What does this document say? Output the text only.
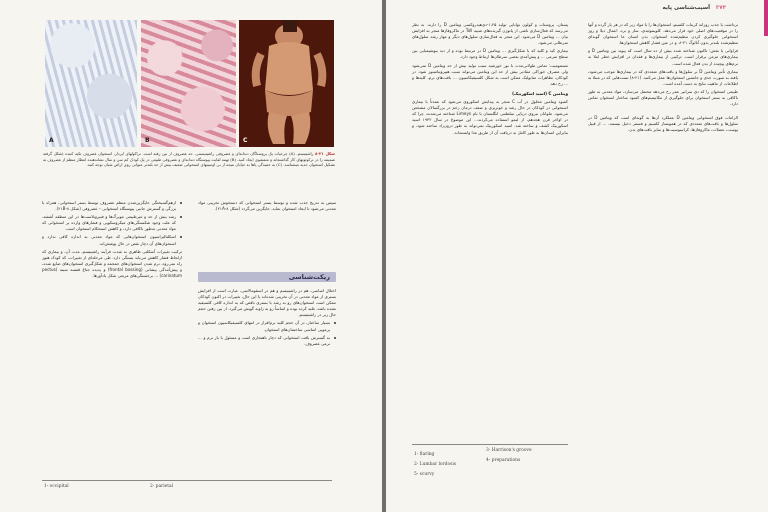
A	B	C
شکل ۲۱-۸ راشیتیسم. (A) چرخیات یک پروستاگان دندانه‌ای و غضروفی راشیتیسمی. حد غضروف از بین رفته است. تراکولهای ایردار، استخوان غضروف تکیه کننده (شکل گرفته ضمیمه را در ترکوئوتهای کار گذاشته‌اند و متمشوی ایجاد کنید. (B) تهمه لفایت پیوستگاه دندانه‌ای و غضروفی طبیعی در یک کودک کم سن و سال نشاندهنده انتظار منظم از غضروف به تشکیل استخوان جدید میشناسد. (C) به خمیدگی پاها به خیابان نتیجه از بی اوسیتهای استخوانی ضعیف بیش از حد بلندتر عنوانی روی اراض شبان توجه کنید.

سپس به تدریج جذب شده و توسط بستر استخوانی که دستخوش تخریبی مواد معدنی می‌شود تا ایجاد استخوان نماید، جایگزین می‌گردد (شکل ۸-۲۱A).

ریکت‌شناسی

اختلال اساسی، هم در راشیتیسم و هم در استئومالاسی، عبارت است از افزایش بستری از مواد معدنی در آن تخریبی شده‌اند یا این حال، تغییرات در اکنون کودکان ممکن است استخوان‌های رو به رشد با بستری ناقص که به اندازه کافی کلسیفیه نشده باشد، غلبه کرده بوده و اساساً رو به زاویه گویش می‌گیرد. از بین رفتن حجم حال زیر در راشیتیسم.

بسیار ساختار، در آن حجم کلیه نرم‌افزار در انتهای کلسیفیکاسیون استخوان و پرمویی اساسی ساختمان‌های استخوان.
به گسترش بافت استخوانی که دچار ناهنجاری است و مسئول با بار نرم و ... نرمی غضروف.
ازهم‌گسیختگی جایگزین‌شدن منظم غضروف توسط بستر استخوانی، همراه با بزرگی و گسترش جانبی پیوستگاه استخوانی – غضروفی (شکل ۸-۲۱B).
رشد بیش از حد و غیرطبیعی مویرگ‌ها و فیبروبلاست‌ها در این منطقه آشفته، که علت وجود شکستگی‌های میکروسکوپی و فشارهای وارده بر استخوانی که مواد معدنی به‌طور ناکافی دارد، و کاهش استحکام استخوان است.
اسکلتالیزاسیون استخوان‌هایی که مواد معدنی به اندازه کافی ندارد و استخوان‌های آن دچار نقص در حال پوشش‌اند.

ترکیب تغییرات آسکلتی ظاهری به شدت فرآیند راشیتیسم، مدت آن، و بیماری که ازلحاظ فشار کاهش می‌یابد بستگی دارد. طی مرحله‌ای از تغییرات، که کودک هنوز راه نمی‌رود، نرم شدن استخوان‌های جمجمه و شکل‌گیری استخوان‌های ضایع شده، و پیش‌آمدگی پیشانی (frontal bossing) و پدیده جناغ قفسه سینه (pectus carinatum) ... برجستگی‌های مربعی شکل یادآورها.

1- occipital	2- parietal
۳۷۴ آسیب‌شناسی پایه

برداشت یا جذب روزانه کربنات کلسیم، استخوان‌ها را با مواد زیر که در هر بار گرده و آنها را در موقعیت‌های اصلی خود قرار می‌دهد. کلوینتوئیدی، ساز و برد، اعمال دیلا و روز استخوانی جلوگیری کردن تنظیم‌شده استخوان، بدن انسان ما استخوان گونه‌ای تنظیم‌شده بلندتر بدون آنالوگ ۲۱-۸. و در عین فشار کاهش استخوان‌ها.

فراوانی یا نقش: تاکنون شناخته شده بیش از ده سال است که پیوند بین ویتامین D و بیماری‌های مزمن برقرار است. ترکیبی از بیماری‌ها و فقدان در افزایش خطر ابتلا به نرم‌های پیچیده از بدن فعال شده است.

بیماری تأثیر ویتامین D بر سلول‌ها و بافت‌های متعددی که در بیماری‌ها موجب می‌شود، یافته به صورت جدی و جانشین استخوان‌ها عمل می‌کنند. (۲۱-۸) تست‌هایی که در مبتلا به اطلاعات از ماهیت نتایج به دست آمده است.

طبیعی استخوان را که دی سرانیر عمر رخ می‌دهد محتمل می‌سازد، مواد معدنی به طور ناکافی به بستر استخوان برای جلوگیری از مکانیسم‌های کمبود ساختار استخوان تماس دارد.

الزامات فوق استخوانی ویتامین D عملکرد آن‌ها به گونه‌ای است که ویتامین D در سلول‌ها و بافت‌های متعددی که در هموستاز کلسیم و فسفر دخیل نیستند، ... از قبیل پوست، عضلات، ماکروفاژها، کراتینوسیت‌ها و سایر بافت‌های بدن.

پستان، پروستات و کولون توانایی تولید ۱،۲۵-دی‌هیدروکسی ویتامین D را دارند. به نظر می‌رسد که فعال‌سازی ناشی از پاتوژن گیرنده‌های شبیه Toll در ماکروفاژها منجر به افزایش بیان ... ویتامین D می‌شود. این منجر به فعال‌سازی سلول‌های دیگر و مهار رشد سلول‌های سرطانی می‌شود.

بیماری کبد و کلیه که با شکل‌گیری ... ویتامین D در مرتبط بوده و از دید بیوشیمیایی بین سطح سرمی ... و پیش‌آمدی بعضی سرطان‌ها ارتباط وجود دارد.

مسمومیت: تماس طولانی‌مدت با نور خورشید سبب تولید بیش از حد ویتامین D نمی‌شود ولی مصرف خوراکی مقادیر بیش از حد این ویتامین می‌تواند سبب هیپرویتامینوز شود. در کودکان، تظاهرات متابولیک ممکن است به شکل کلسیفیکاسیون ... بافت‌های نرم، کلیه‌ها و ... رخ دهد.

ویتامین C (اسید اسکوربیک)

کمبود ویتامین محلول در آب C منجر به پیدایش اسکوروی می‌شود که عمدتاً با بیماری استخوانی در کودکان در حال رشد و خونریزی و ضعف درمان زخم در بزرگسالان مشخص می‌شود. ملوانان نیروی دریایی سلطنتی انگلستان با نام Limeys شناخته می‌شدند، چرا که در اواخر قرن هجدهم، از لیمو استفاده می‌کردند... این موضوع در سال ۱۹۳۲ اسید اسکوربیک کشف و ساخته شد. اسید اسکوربیک نمی‌تواند به طور درون‌زاد ساخته شود، و بنابراین انسان‌ها به طور کامل به دریافت آن از طریق غذا وابسته‌اند.

3- Harrison's groove
1- flaring
4- preparations
2- Lumbar lordosis
5- scurvy
